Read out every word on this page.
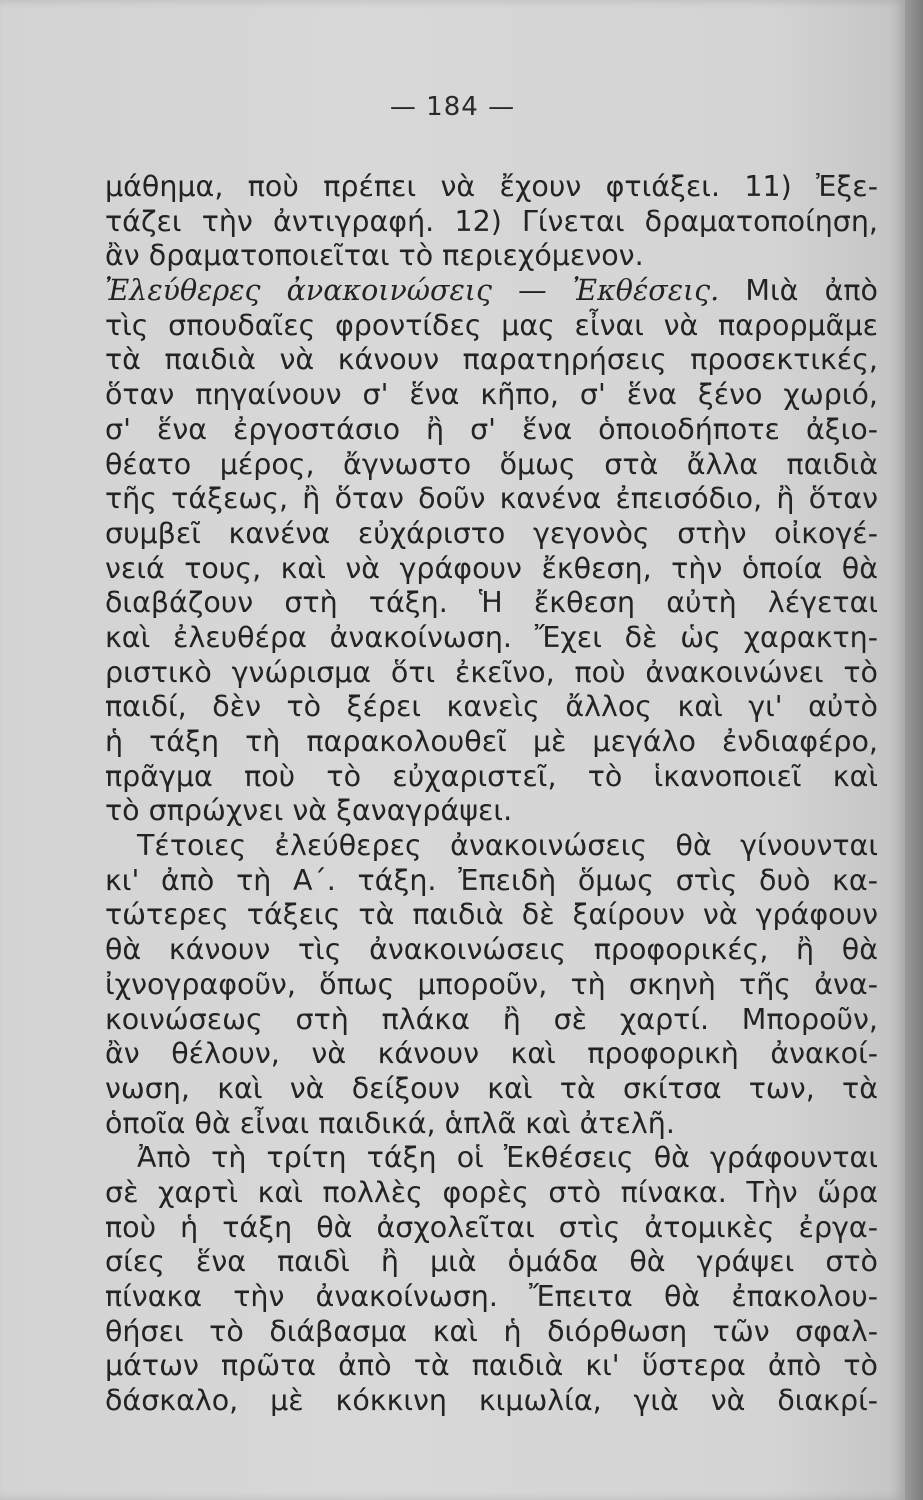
— 184 —
μάθημα, ποὺ πρέπει νὰ ἔχουν φτιάξει. 11) Ἐξε-
τάζει τὴν ἀντιγραφή. 12) Γίνεται δραματοποίηση,
ἂν δραματοποιεῖται τὸ περιεχόμενον.
Ἐλεύθερες ἀνακοινώσεις — Ἐκθέσεις. Μιὰ ἀπὸ
τὶς σπουδαῖες φροντίδες μας εἶναι νὰ παρορμᾶμε
τὰ παιδιὰ νὰ κάνουν παρατηρήσεις προσεκτικές,
ὅταν πηγαίνουν σ' ἕνα κῆπο, σ' ἕνα ξένο χωριό,
σ' ἕνα ἐργοστάσιο ἢ σ' ἕνα ὁποιοδήποτε ἀξιο-
θέατο μέρος, ἄγνωστο ὅμως στὰ ἄλλα παιδιὰ
τῆς τάξεως, ἢ ὅταν δοῦν κανένα ἐπεισόδιο, ἢ ὅταν
συμβεῖ κανένα εὐχάριστο γεγονὸς στὴν οἰκογέ-
νειά τους, καὶ νὰ γράφουν ἔκθεση, τὴν ὁποία θὰ
διαβάζουν στὴ τάξη. Ἡ ἔκθεση αὐτὴ λέγεται
καὶ ἐλευθέρα ἀνακοίνωση. Ἔχει δὲ ὡς χαρακτη-
ριστικὸ γνώρισμα ὅτι ἐκεῖνο, ποὺ ἀνακοινώνει τὸ
παιδί, δὲν τὸ ξέρει κανεὶς ἄλλος καὶ γι' αὐτὸ
ἡ τάξη τὴ παρακολουθεῖ μὲ μεγάλο ἐνδιαφέρο,
πρᾶγμα ποὺ τὸ εὐχαριστεῖ, τὸ ἱκανοποιεῖ καὶ
τὸ σπρώχνει νὰ ξαναγράψει.
Τέτοιες ἐλεύθερες ἀνακοινώσεις θὰ γίνουνται
κι' ἀπὸ τὴ Α΄. τάξη. Ἐπειδὴ ὅμως στὶς δυὸ κα-
τώτερες τάξεις τὰ παιδιὰ δὲ ξαίρουν νὰ γράφουν
θὰ κάνουν τὶς ἀνακοινώσεις προφορικές, ἢ θὰ
ἰχνογραφοῦν, ὅπως μποροῦν, τὴ σκηνὴ τῆς ἀνα-
κοινώσεως στὴ πλάκα ἢ σὲ χαρτί. Μποροῦν,
ἂν θέλουν, νὰ κάνουν καὶ προφορικὴ ἀνακοί-
νωση, καὶ νὰ δείξουν καὶ τὰ σκίτσα των, τὰ
ὁποῖα θὰ εἶναι παιδικά, ἁπλᾶ καὶ ἀτελῆ.
Ἀπὸ τὴ τρίτη τάξη οἱ Ἐκθέσεις θὰ γράφουνται
σὲ χαρτὶ καὶ πολλὲς φορὲς στὸ πίνακα. Τὴν ὥρα
ποὺ ἡ τάξη θὰ ἀσχολεῖται στὶς ἀτομικὲς ἐργα-
σίες ἕνα παιδὶ ἢ μιὰ ὁμάδα θὰ γράψει στὸ
πίνακα τὴν ἀνακοίνωση. Ἔπειτα θὰ ἐπακολου-
θήσει τὸ διάβασμα καὶ ἡ διόρθωση τῶν σφαλ-
μάτων πρῶτα ἀπὸ τὰ παιδιὰ κι' ὕστερα ἀπὸ τὸ
δάσκαλο, μὲ κόκκινη κιμωλία, γιὰ νὰ διακρί-
